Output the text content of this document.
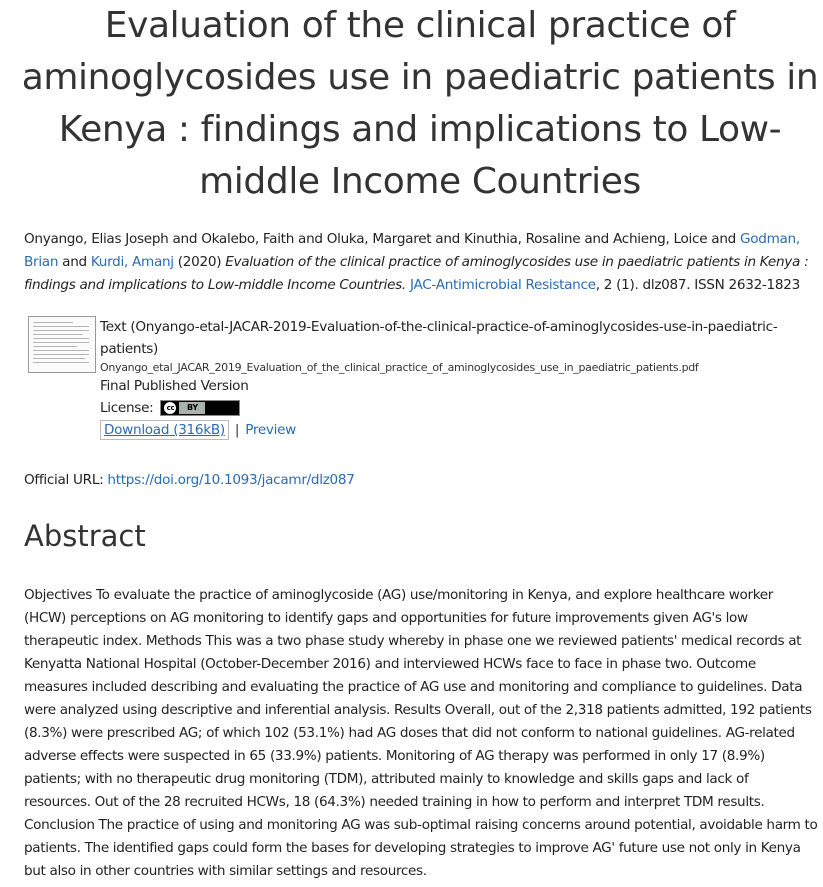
Evaluation of the clinical practice of aminoglycosides use in paediatric patients in Kenya : findings and implications to Low-middle Income Countries

Onyango, Elias Joseph and Okalebo, Faith and Oluka, Margaret and Kinuthia, Rosaline and Achieng, Loice and Godman, Brian and Kurdi, Amanj (2020) Evaluation of the clinical practice of aminoglycosides use in paediatric patients in Kenya : findings and implications to Low-middle Income Countries. JAC-Antimicrobial Resistance, 2 (1). dlz087. ISSN 2632-1823

Text (Onyango-etal-JACAR-2019-Evaluation-of-the-clinical-practice-of-aminoglycosides-use-in-paediatric-patients)
Onyango_etal_JACAR_2019_Evaluation_of_the_clinical_practice_of_aminoglycosides_use_in_paediatric_patients.pdf
Final Published Version
License:	cc	BY
Download (316kB) | Preview
Official URL: https://doi.org/10.1093/jacamr/dlz087
Abstract

Objectives To evaluate the practice of aminoglycoside (AG) use/monitoring in Kenya, and explore healthcare worker (HCW) perceptions on AG monitoring to identify gaps and opportunities for future improvements given AG's low therapeutic index. Methods This was a two phase study whereby in phase one we reviewed patients' medical records at Kenyatta National Hospital (October-December 2016) and interviewed HCWs face to face in phase two. Outcome measures included describing and evaluating the practice of AG use and monitoring and compliance to guidelines. Data were analyzed using descriptive and inferential analysis. Results Overall, out of the 2,318 patients admitted, 192 patients (8.3%) were prescribed AG; of which 102 (53.1%) had AG doses that did not conform to national guidelines. AG-related adverse effects were suspected in 65 (33.9%) patients. Monitoring of AG therapy was performed in only 17 (8.9%) patients; with no therapeutic drug monitoring (TDM), attributed mainly to knowledge and skills gaps and lack of resources. Out of the 28 recruited HCWs, 18 (64.3%) needed training in how to perform and interpret TDM results. Conclusion The practice of using and monitoring AG was sub-optimal raising concerns around potential, avoidable harm to patients. The identified gaps could form the bases for developing strategies to improve AG' future use not only in Kenya but also in other countries with similar settings and resources.
